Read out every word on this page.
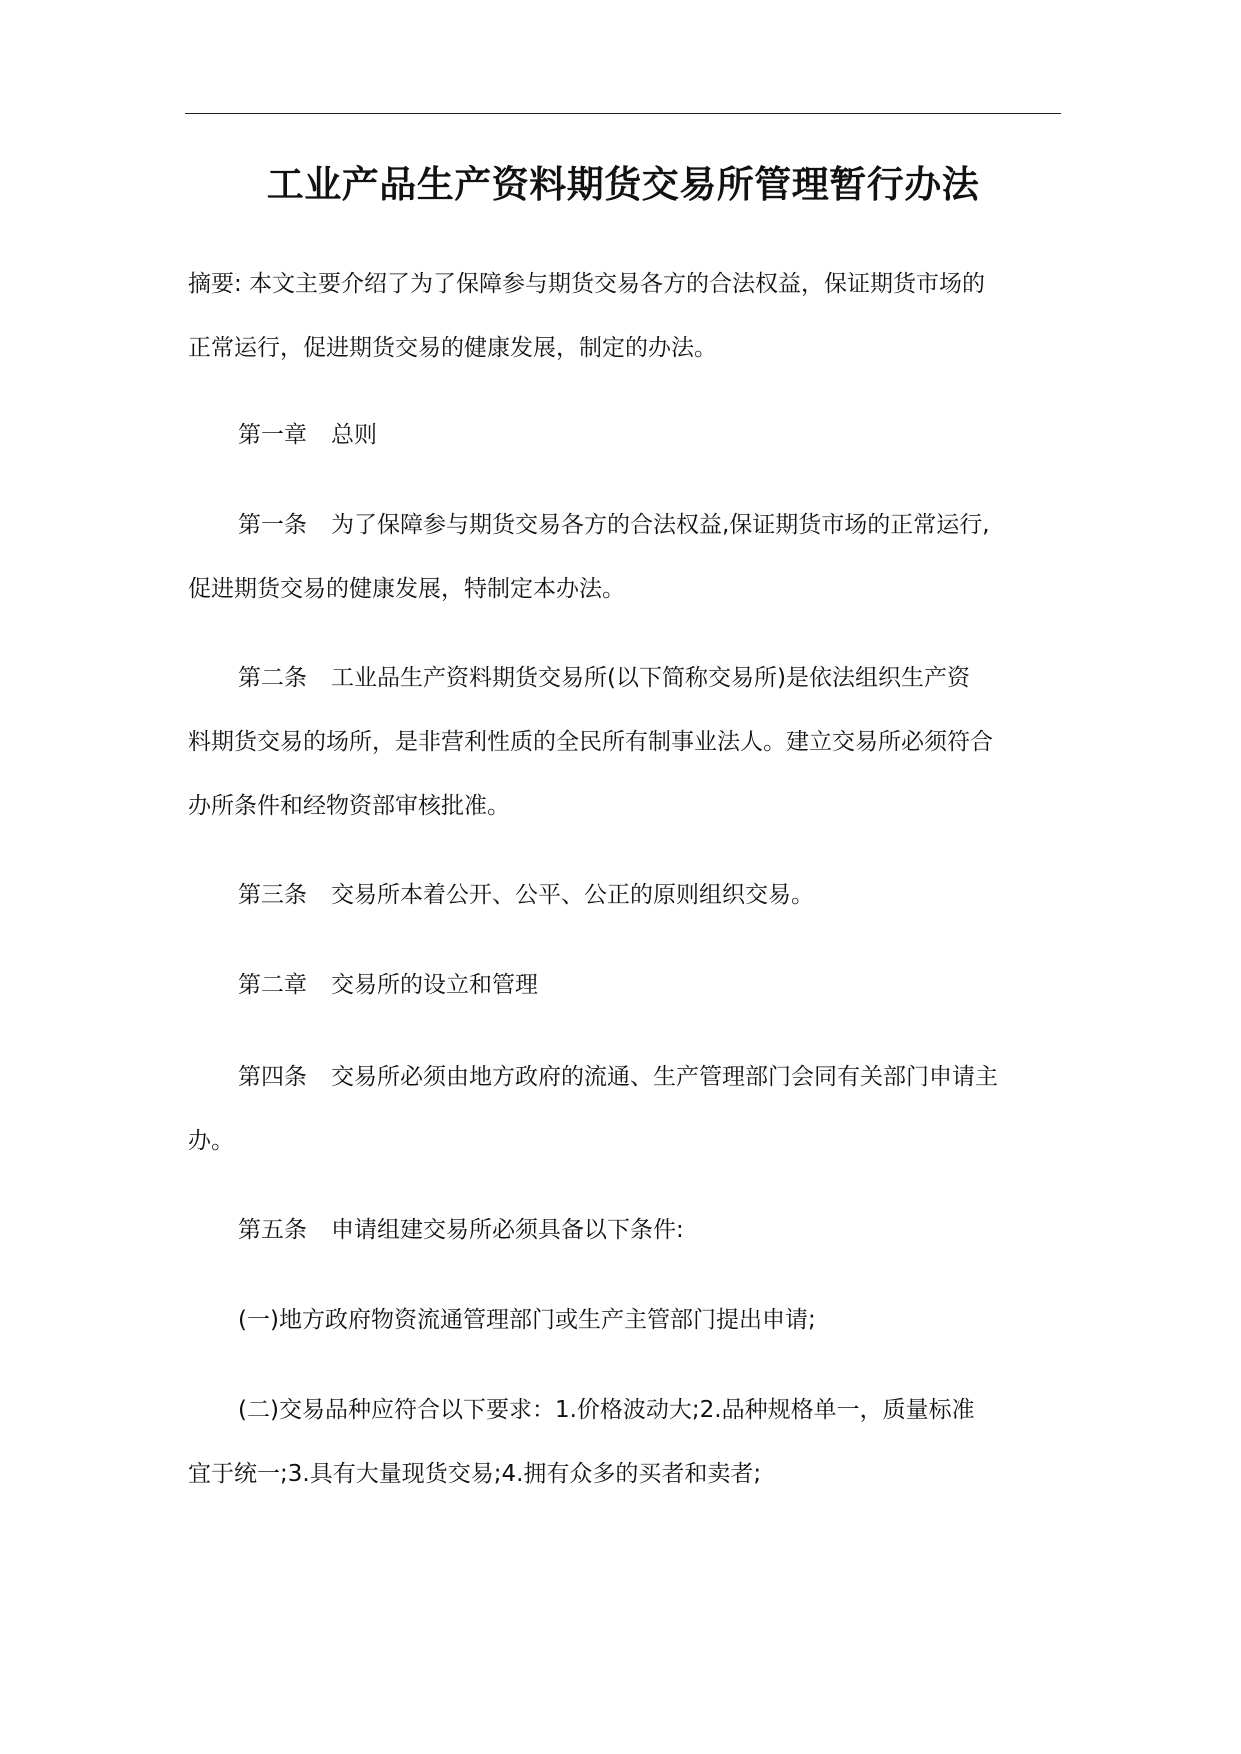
工业产品生产资料期货交易所管理暂行办法
摘要: 本文主要介绍了为了保障参与期货交易各方的合法权益，保证期货市场的
正常运行，促进期货交易的健康发展，制定的办法。
第一章 总则
第一条 为了保障参与期货交易各方的合法权益,保证期货市场的正常运行,
促进期货交易的健康发展，特制定本办法。
第二条 工业品生产资料期货交易所(以下简称交易所)是依法组织生产资
料期货交易的场所，是非营利性质的全民所有制事业法人。建立交易所必须符合
办所条件和经物资部审核批准。
第三条 交易所本着公开、公平、公正的原则组织交易。
第二章 交易所的设立和管理
第四条 交易所必须由地方政府的流通、生产管理部门会同有关部门申请主
办。
第五条 申请组建交易所必须具备以下条件:
(一)地方政府物资流通管理部门或生产主管部门提出申请;
(二)交易品种应符合以下要求：1.价格波动大;2.品种规格单一，质量标准
宜于统一;3.具有大量现货交易;4.拥有众多的买者和卖者;
